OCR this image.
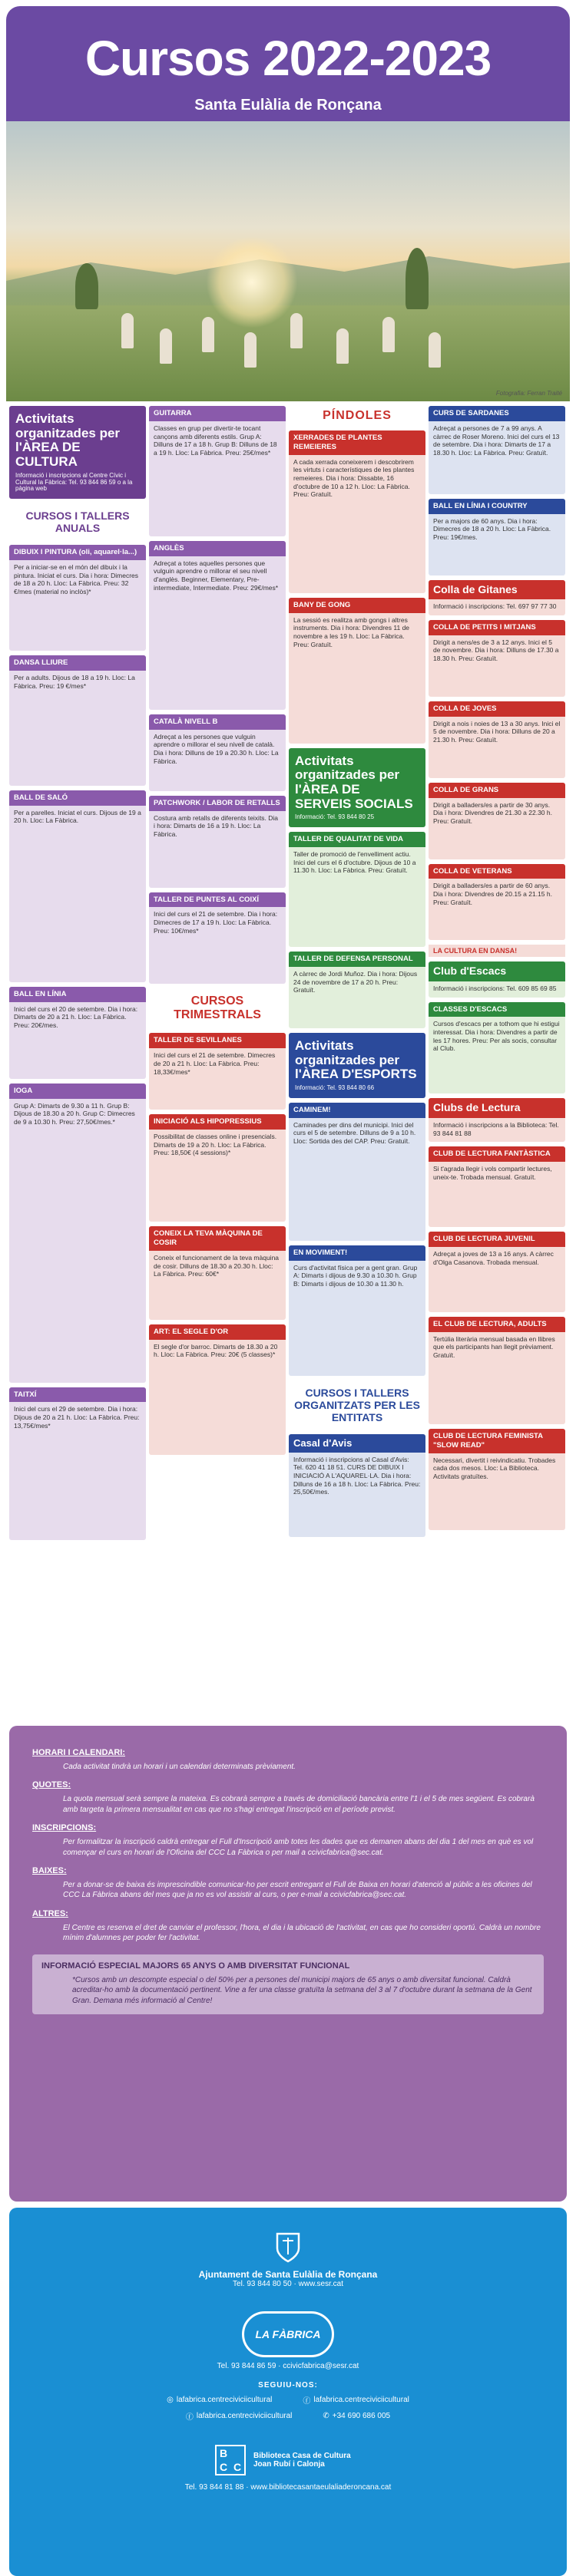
Cursos 2022-2023
Santa Eulàlia de Ronçana
Fotografia: Ferran Traité
Activitats organitzades per l'ÀREA DE CULTURA
Informació i inscripcions al Centre Cívic i Cultural la Fàbrica: Tel. 93 844 86 59 o a la pàgina web
CURSOS I TALLERS ANUALS
DIBUIX I PINTURA (oli, aquarel·la...)
Per a iniciar-se en el món del dibuix i la pintura. Iniciat el curs. Dia i hora: Dimecres de 18 a 20 h. Lloc: La Fàbrica. Preu: 32 €/mes (material no inclòs)*
DANSA LLIURE
Per a adults. Dijous de 18 a 19 h. Lloc: La Fàbrica. Preu: 19 €/mes*
BALL DE SALÓ
Per a parelles. Iniciat el curs. Dijous de 19 a 20 h. Lloc: La Fàbrica.
BALL EN LÍNIA
Inici del curs el 20 de setembre. Dia i hora: Dimarts de 20 a 21 h. Lloc: La Fàbrica. Preu: 20€/mes.
IOGA
Grup A: Dimarts de 9.30 a 11 h. Grup B: Dijous de 18.30 a 20 h. Grup C: Dimecres de 9 a 10.30 h. Preu: 27,50€/mes.*
TAITXÍ
Inici del curs el 29 de setembre. Dia i hora: Dijous de 20 a 21 h. Lloc: La Fàbrica. Preu: 13,75€/mes*
GUITARRA
Classes en grup per divertir-te tocant cançons amb diferents estils. Grup A: Dilluns de 17 a 18 h. Grup B: Dilluns de 18 a 19 h. Lloc: La Fàbrica. Preu: 25€/mes*
ANGLÈS
Adreçat a totes aquelles persones que vulguin aprendre o millorar el seu nivell d'anglès. Beginner, Elementary, Pre-intermediate, Intermediate. Preu: 29€/mes*
CATALÀ NIVELL B
Adreçat a les persones que vulguin aprendre o millorar el seu nivell de català. Dia i hora: Dilluns de 19 a 20.30 h. Lloc: La Fàbrica.
PATCHWORK / LABOR DE RETALLS
Costura amb retalls de diferents teixits. Dia i hora: Dimarts de 16 a 19 h. Lloc: La Fàbrica.
TALLER DE PUNTES AL COIXÍ
Inici del curs el 21 de setembre. Dia i hora: Dimecres de 17 a 19 h. Lloc: La Fàbrica. Preu: 10€/mes*
CURSOS TRIMESTRALS
TALLER DE SEVILLANES
Inici del curs el 21 de setembre. Dimecres de 20 a 21 h. Lloc: La Fàbrica. Preu: 18,33€/mes*
INICIACIÓ ALS HIPOPRESSIUS
Possibilitat de classes online i presencials. Dimarts de 19 a 20 h. Lloc: La Fàbrica. Preu: 18,50€ (4 sessions)*
CONEIX LA TEVA MÀQUINA DE COSIR
Coneix el funcionament de la teva màquina de cosir. Dilluns de 18.30 a 20.30 h. Lloc: La Fàbrica. Preu: 60€*
ART: EL SEGLE D'OR
El segle d'or barroc. Dimarts de 18.30 a 20 h. Lloc: La Fàbrica. Preu: 20€ (5 classes)*
PÍNDOLES
XERRADES DE PLANTES REMEIERES
A cada xerrada coneixerem i descobrirem les virtuts i característiques de les plantes remeieres. Dia i hora: Dissabte, 16 d'octubre de 10 a 12 h. Lloc: La Fàbrica. Preu: Gratuït.
BANY DE GONG
La sessió es realitza amb gongs i altres instruments. Dia i hora: Divendres 11 de novembre a les 19 h. Lloc: La Fàbrica. Preu: Gratuït.
Activitats organitzades per l'ÀREA DE SERVEIS SOCIALS
Informació: Tel. 93 844 80 25
TALLER DE QUALITAT DE VIDA
Taller de promoció de l'envelliment actiu. Inici del curs el 6 d'octubre. Dijous de 10 a 11.30 h. Lloc: La Fàbrica. Preu: Gratuït.
TALLER DE DEFENSA PERSONAL
A càrrec de Jordi Muñoz. Dia i hora: Dijous 24 de novembre de 17 a 20 h. Preu: Gratuït.
Activitats organitzades per l'ÀREA D'ESPORTS
Informació: Tel. 93 844 80 66
CAMINEM!
Caminades per dins del municipi. Inici del curs el 5 de setembre. Dilluns de 9 a 10 h. Lloc: Sortida des del CAP. Preu: Gratuït.
EN MOVIMENT!
Curs d'activitat física per a gent gran. Grup A: Dimarts i dijous de 9.30 a 10.30 h. Grup B: Dimarts i dijous de 10.30 a 11.30 h.
CURSOS I TALLERS ORGANITZATS PER LES ENTITATS
Casal d'Avis
Informació i inscripcions al Casal d'Avis: Tel. 620 41 18 51. CURS DE DIBUIX I INICIACIÓ A L'AQUAREL·LA. Dia i hora: Dilluns de 16 a 18 h. Lloc: La Fàbrica. Preu: 25,50€/mes.
CURS DE SARDANES
Adreçat a persones de 7 a 99 anys. A càrrec de Roser Moreno. Inici del curs el 13 de setembre. Dia i hora: Dimarts de 17 a 18.30 h. Lloc: La Fàbrica. Preu: Gratuït.
BALL EN LÍNIA I COUNTRY
Per a majors de 60 anys. Dia i hora: Dimecres de 18 a 20 h. Lloc: La Fàbrica. Preu: 19€/mes.
Colla de Gitanes
Informació i inscripcions: Tel. 697 97 77 30
COLLA DE PETITS I MITJANS
Dirigit a nens/es de 3 a 12 anys. Inici el 5 de novembre. Dia i hora: Dilluns de 17.30 a 18.30 h. Preu: Gratuït.
COLLA DE JOVES
Dirigit a nois i noies de 13 a 30 anys. Inici el 5 de novembre. Dia i hora: Dilluns de 20 a 21.30 h. Preu: Gratuït.
COLLA DE GRANS
Dirigit a balladers/es a partir de 30 anys. Dia i hora: Divendres de 21.30 a 22.30 h. Preu: Gratuït.
COLLA DE VETERANS
Dirigit a balladers/es a partir de 60 anys. Dia i hora: Divendres de 20.15 a 21.15 h. Preu: Gratuït.
LA CULTURA EN DANSA!
Club d'Escacs
Informació i inscripcions: Tel. 609 85 69 85
CLASSES D'ESCACS
Cursos d'escacs per a tothom que hi estigui interessat. Dia i hora: Divendres a partir de les 17 hores. Preu: Per als socis, consultar al Club.
Clubs de Lectura
Informació i inscripcions a la Biblioteca: Tel. 93 844 81 88
CLUB DE LECTURA FANTÀSTICA
Si t'agrada llegir i vols compartir lectures, uneix-te. Trobada mensual. Gratuït.
CLUB DE LECTURA JUVENIL
Adreçat a joves de 13 a 16 anys. A càrrec d'Olga Casanova. Trobada mensual.
EL CLUB DE LECTURA, ADULTS
Tertúlia literària mensual basada en llibres que els participants han llegit prèviament. Gratuït.
CLUB DE LECTURA FEMINISTA "SLOW READ"
Necessari, divertit i reivindicatiu. Trobades cada dos mesos. Lloc: La Biblioteca. Activitats gratuïtes.
HORARI I CALENDARI:

Cada activitat tindrà un horari i un calendari determinats prèviament.

QUOTES:

La quota mensual serà sempre la mateixa. Es cobrarà sempre a través de domiciliació bancària entre l'1 i el 5 de mes següent. Es cobrarà amb targeta la primera mensualitat en cas que no s'hagi entregat l'inscripció en el període previst.

INSCRIPCIONS:

Per formalitzar la inscripció caldrà entregar el Full d'Inscripció amb totes les dades que es demanen abans del dia 1 del mes en què es vol començar el curs en horari de l'Oficina del CCC La Fàbrica o per mail a ccivicfabrica@sec.cat.

BAIXES:

Per a donar-se de baixa és imprescindible comunicar-ho per escrit entregant el Full de Baixa en horari d'atenció al públic a les oficines del CCC La Fàbrica abans del mes que ja no es vol assistir al curs, o per e-mail a ccivicfabrica@sec.cat.

ALTRES:

El Centre es reserva el dret de canviar el professor, l'hora, el dia i la ubicació de l'activitat, en cas que ho consideri oportú. Caldrà un nombre mínim d'alumnes per poder fer l'activitat.

INFORMACIÓ ESPECIAL MAJORS 65 ANYS O AMB DIVERSITAT FUNCIONAL

*Cursos amb un descompte especial o del 50% per a persones del municipi majors de 65 anys o amb diversitat funcional. Caldrà acreditar-ho amb la documentació pertinent. Vine a fer una classe gratuïta la setmana del 3 al 7 d'octubre durant la setmana de la Gent Gran. Demana més informació al Centre!

Ajuntament de Santa Eulàlia de Ronçana
Tel. 93 844 80 50 · www.sesr.cat
LA FÀBRICA
Tel. 93 844 86 59 · ccivicfabrica@sesr.cat
SEGUIU-NOS:
◎ lafabrica.centreciviciicultural	ⓕ lafabrica.centreciviciicultural
ⓕ lafabrica.centreciviciicultural	✆ +34 690 686 005
B
C C
Biblioteca Casa de Cultura Joan Rubí i Calonja
Tel. 93 844 81 88 · www.bibliotecasantaeulaliaderoncana.cat
